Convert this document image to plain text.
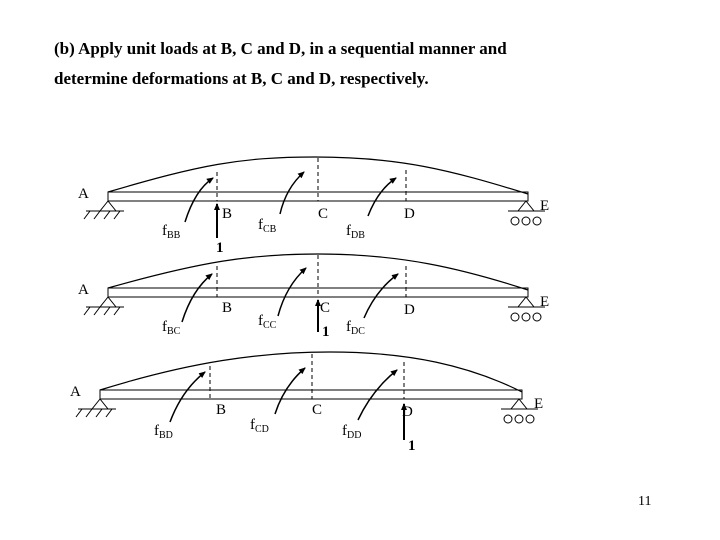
(b) Apply unit loads at B, C and D, in a sequential manner and
determine deformations at B, C and D, respectively.
A
B	C	D	E
1
$f_{BB}$
$f_{CB}$	$f_{DB}$
A
B	C	D	E
1
$f_{BC}$
$f_{CC}$	$f_{DC}$
A
B	C	D	E
1
$f_{BD}$
$f_{CD}$	$f_{DD}$
11
